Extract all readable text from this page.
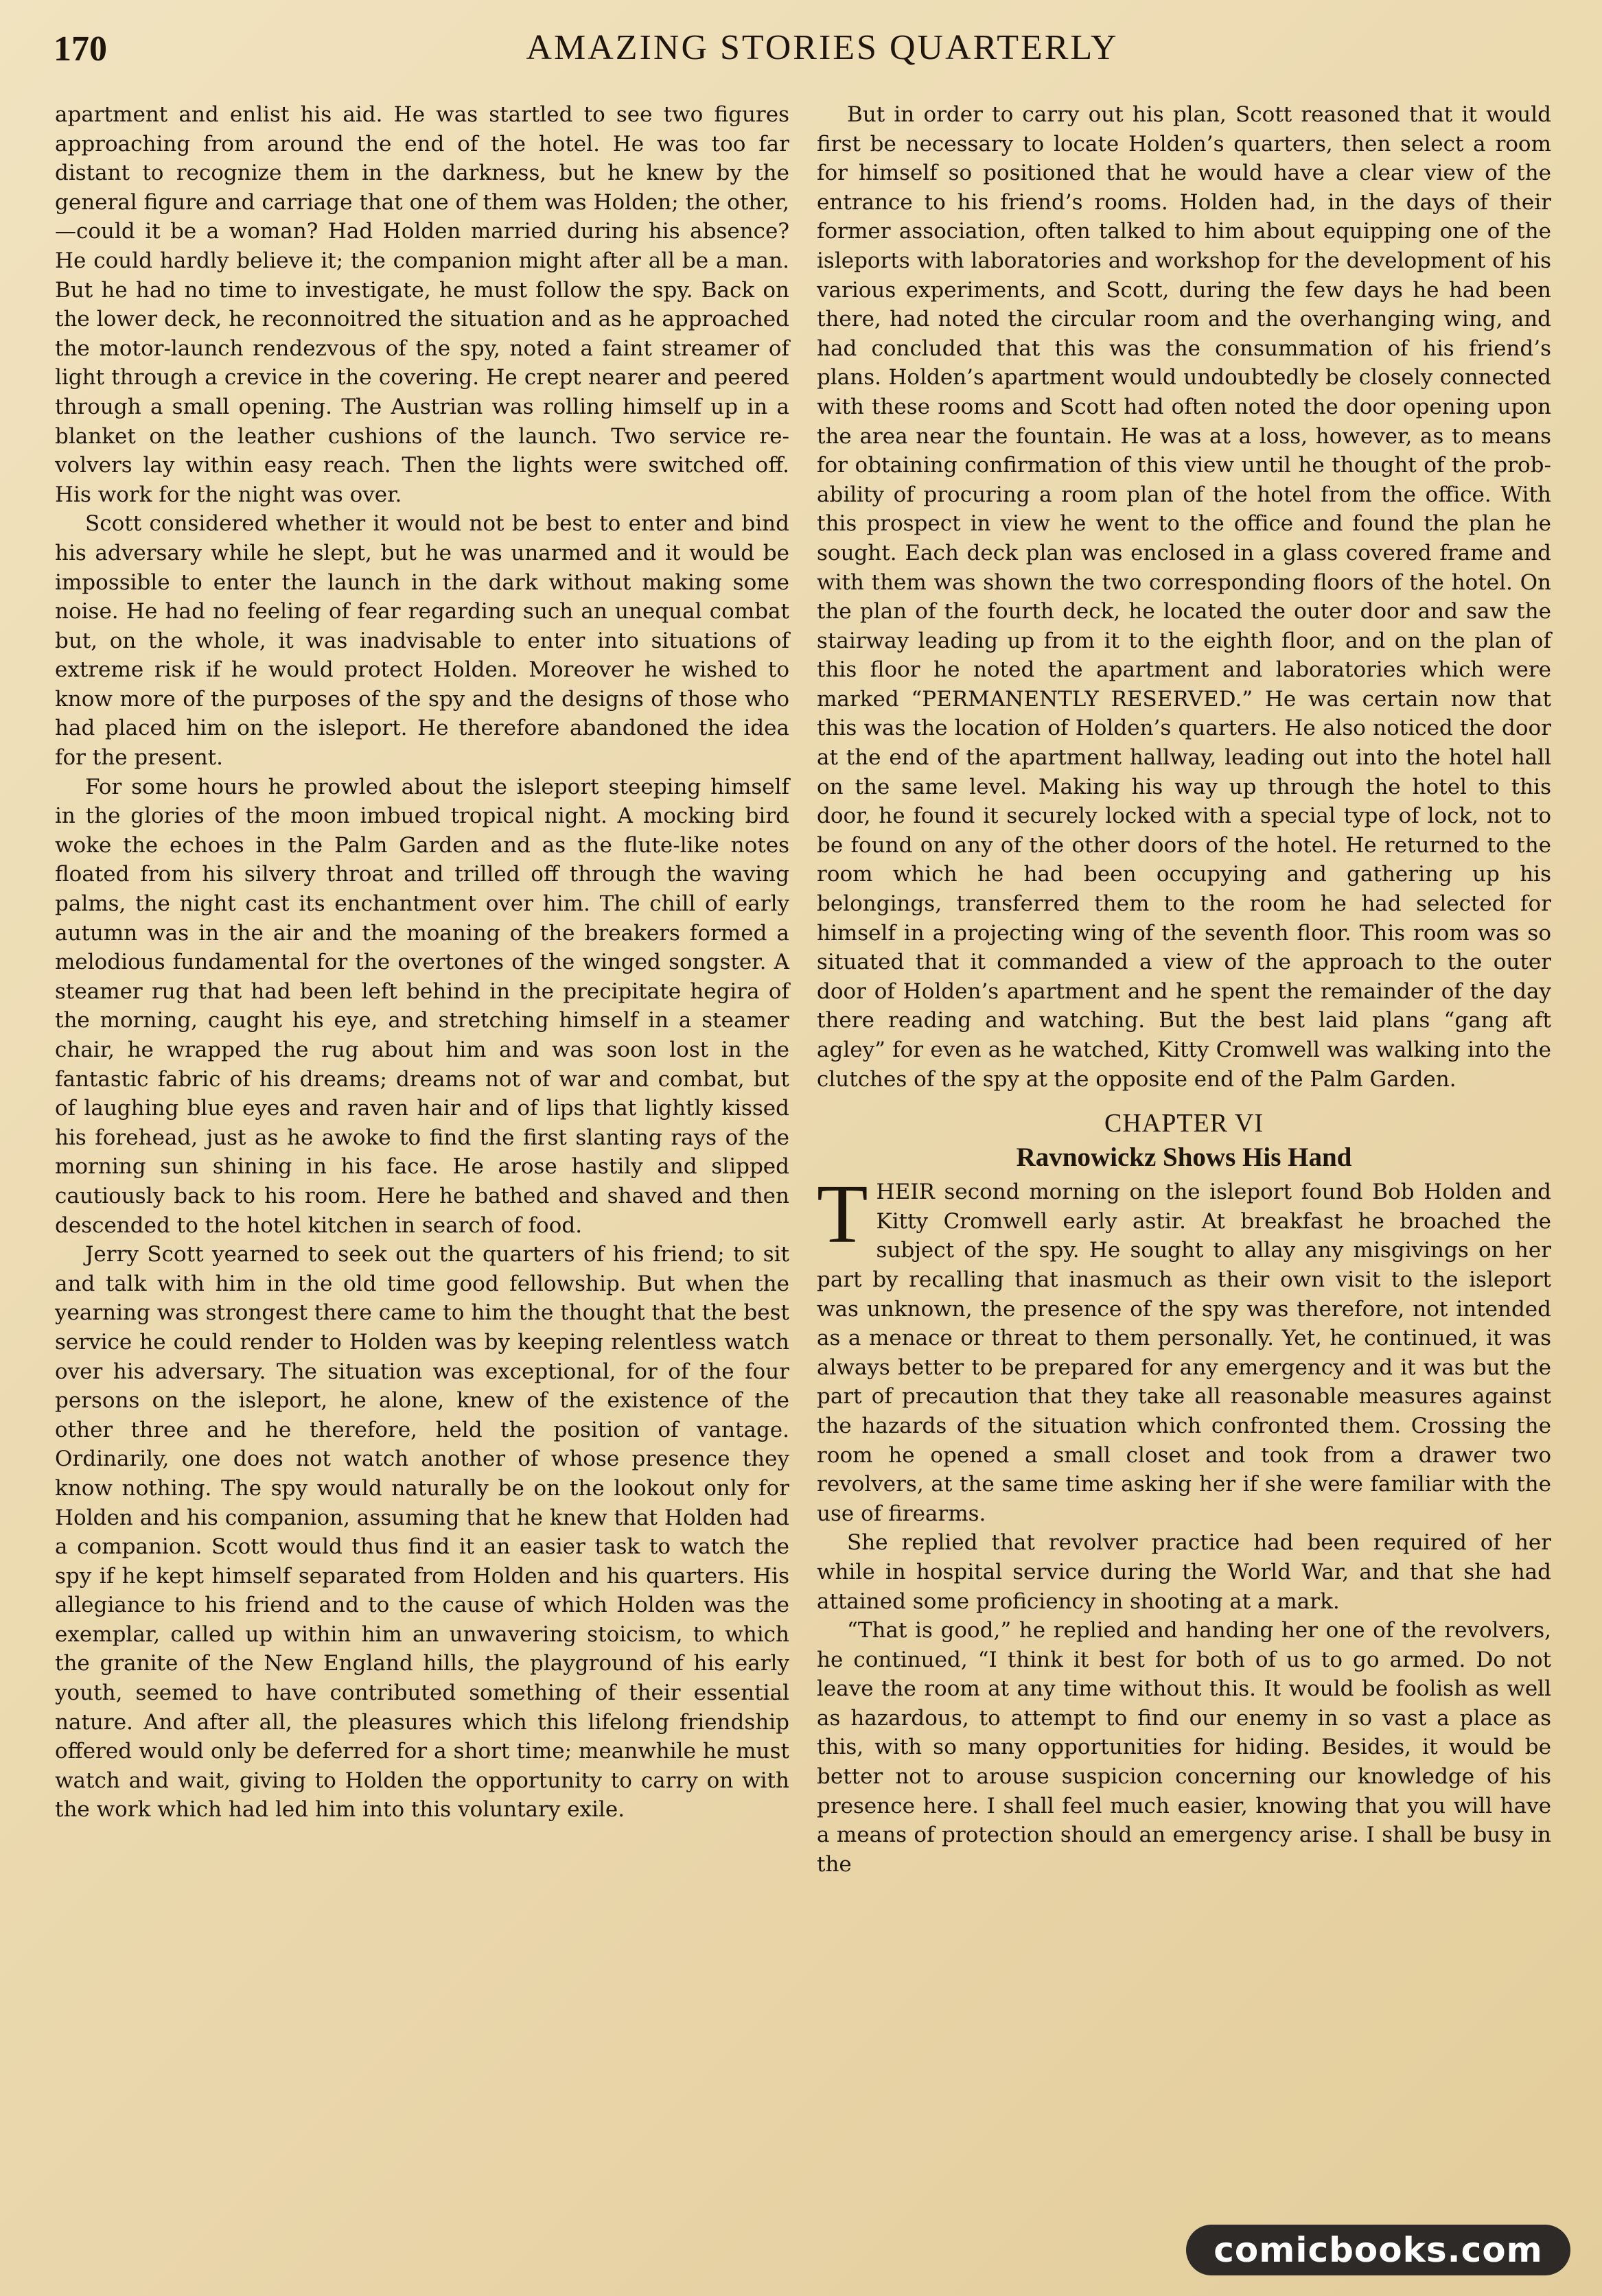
170	AMAZING STORIES QUARTERLY

apartment and enlist his aid. He was startled to see two figures approaching from around the end of the hotel. He was too far distant to recognize them in the darkness, but he knew by the general figure and carriage that one of them was Holden; the other,—could it be a woman? Had Holden married during his absence? He could hardly believe it; the companion might after all be a man. But he had no time to investigate, he must follow the spy. Back on the lower deck, he reconnoitred the situation and as he approached the motor-launch rendezvous of the spy, noted a faint streamer of light through a crevice in the covering. He crept nearer and peered through a small opening. The Austrian was rolling himself up in a blanket on the leather cushions of the launch. Two service revolvers lay within easy reach. Then the lights were switched off. His work for the night was over.

Scott considered whether it would not be best to enter and bind his adversary while he slept, but he was unarmed and it would be impossible to enter the launch in the dark without making some noise. He had no feeling of fear regarding such an unequal combat but, on the whole, it was inadvisable to enter into situations of extreme risk if he would protect Holden. Moreover he wished to know more of the purposes of the spy and the designs of those who had placed him on the isleport. He therefore abandoned the idea for the present.

For some hours he prowled about the isleport steeping himself in the glories of the moon imbued tropical night. A mocking bird woke the echoes in the Palm Garden and as the flute-like notes floated from his silvery throat and trilled off through the waving palms, the night cast its enchantment over him. The chill of early autumn was in the air and the moaning of the breakers formed a melodious fundamental for the overtones of the winged songster. A steamer rug that had been left behind in the precipitate hegira of the morning, caught his eye, and stretching himself in a steamer chair, he wrapped the rug about him and was soon lost in the fantastic fabric of his dreams; dreams not of war and combat, but of laughing blue eyes and raven hair and of lips that lightly kissed his forehead, just as he awoke to find the first slanting rays of the morning sun shining in his face. He arose hastily and slipped cautiously back to his room. Here he bathed and shaved and then descended to the hotel kitchen in search of food.

Jerry Scott yearned to seek out the quarters of his friend; to sit and talk with him in the old time good fellowship. But when the yearning was strongest there came to him the thought that the best service he could render to Holden was by keeping relentless watch over his adversary. The situation was exceptional, for of the four persons on the isleport, he alone, knew of the existence of the other three and he therefore, held the position of vantage. Ordinarily, one does not watch another of whose presence they know nothing. The spy would naturally be on the lookout only for Holden and his companion, assuming that he knew that Holden had a companion. Scott would thus find it an easier task to watch the spy if he kept himself separated from Holden and his quarters. His allegiance to his friend and to the cause of which Holden was the exemplar, called up within him an unwavering stoicism, to which the granite of the New England hills, the playground of his early youth, seemed to have contributed something of their essential nature. And after all, the pleasures which this lifelong friendship offered would only be deferred for a short time; meanwhile he must watch and wait, giving to Holden the opportunity to carry on with the work which had led him into this voluntary exile.

But in order to carry out his plan, Scott reasoned that it would first be necessary to locate Holden’s quarters, then select a room for himself so positioned that he would have a clear view of the entrance to his friend’s rooms. Holden had, in the days of their former association, often talked to him about equipping one of the isleports with laboratories and workshop for the development of his various experiments, and Scott, during the few days he had been there, had noted the circular room and the overhanging wing, and had concluded that this was the consummation of his friend’s plans. Holden’s apartment would undoubtedly be closely connected with these rooms and Scott had often noted the door opening upon the area near the fountain. He was at a loss, however, as to means for obtaining confirmation of this view until he thought of the probability of procuring a room plan of the hotel from the office. With this prospect in view he went to the office and found the plan he sought. Each deck plan was enclosed in a glass covered frame and with them was shown the two corresponding floors of the hotel. On the plan of the fourth deck, he located the outer door and saw the stairway leading up from it to the eighth floor, and on the plan of this floor he noted the apartment and laboratories which were marked “PERMANENTLY RESERVED.” He was certain now that this was the location of Holden’s quarters. He also noticed the door at the end of the apartment hallway, leading out into the hotel hall on the same level. Making his way up through the hotel to this door, he found it securely locked with a special type of lock, not to be found on any of the other doors of the hotel. He returned to the room which he had been occupying and gathering up his belongings, transferred them to the room he had selected for himself in a projecting wing of the seventh floor. This room was so situated that it commanded a view of the approach to the outer door of Holden’s apartment and he spent the remainder of the day there reading and watching. But the best laid plans “gang aft agley” for even as he watched, Kitty Cromwell was walking into the clutches of the spy at the opposite end of the Palm Garden.

CHAPTER VI
Ravnowickz Shows His Hand

THEIR second morning on the isleport found Bob Holden and Kitty Cromwell early astir. At breakfast he broached the subject of the spy. He sought to allay any misgivings on her part by recalling that inasmuch as their own visit to the isleport was unknown, the presence of the spy was therefore, not intended as a menace or threat to them personally. Yet, he continued, it was always better to be prepared for any emergency and it was but the part of precaution that they take all reasonable measures against the hazards of the situation which confronted them. Crossing the room he opened a small closet and took from a drawer two revolvers, at the same time asking her if she were familiar with the use of firearms.

She replied that revolver practice had been required of her while in hospital service during the World War, and that she had attained some proficiency in shooting at a mark.

“That is good,” he replied and handing her one of the revolvers, he continued, “I think it best for both of us to go armed. Do not leave the room at any time without this. It would be foolish as well as hazardous, to attempt to find our enemy in so vast a place as this, with so many opportunities for hiding. Besides, it would be better not to arouse suspicion concerning our knowledge of his presence here. I shall feel much easier, knowing that you will have a means of protection should an emergency arise. I shall be busy in the

comicbooks.com
